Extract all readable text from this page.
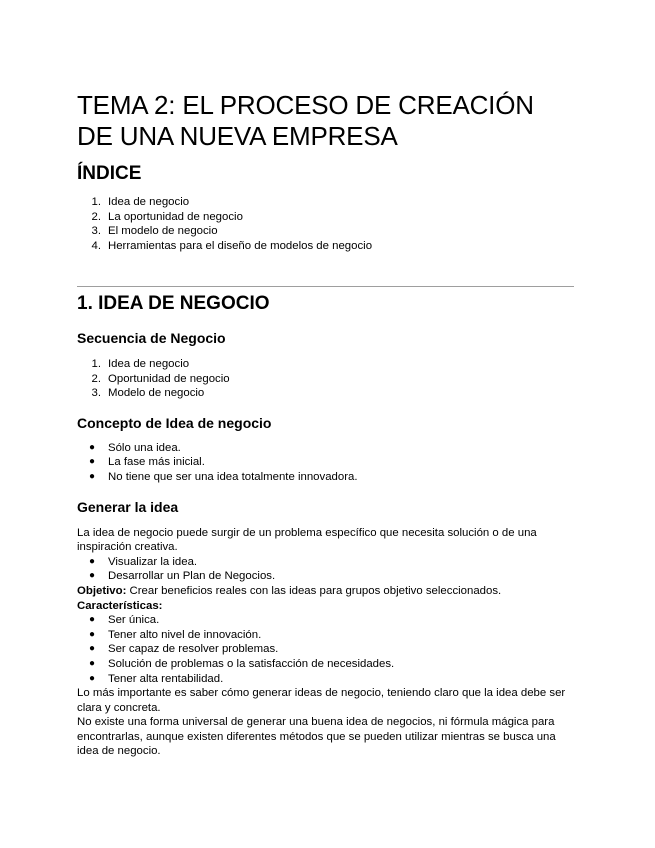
TEMA 2: EL PROCESO DE CREACIÓN
DE UNA NUEVA EMPRESA
ÍNDICE
1. Idea de negocio
2. La oportunidad de negocio
3. El modelo de negocio
4. Herramientas para el diseño de modelos de negocio
1. IDEA DE NEGOCIO
Secuencia de Negocio
1. Idea de negocio
2. Oportunidad de negocio
3. Modelo de negocio
Concepto de Idea de negocio
● Sólo una idea.
● La fase más inicial.
● No tiene que ser una idea totalmente innovadora.
Generar la idea

La idea de negocio puede surgir de un problema específico que necesita solución o de una inspiración creativa.

● Visualizar la idea.
● Desarrollar un Plan de Negocios.

Objetivo: Crear beneficios reales con las ideas para grupos objetivo seleccionados.

Características:

● Ser única.
● Tener alto nivel de innovación.
● Ser capaz de resolver problemas.
● Solución de problemas o la satisfacción de necesidades.
● Tener alta rentabilidad.

Lo más importante es saber cómo generar ideas de negocio, teniendo claro que la idea debe ser clara y concreta.

No existe una forma universal de generar una buena idea de negocios, ni fórmula mágica para encontrarlas, aunque existen diferentes métodos que se pueden utilizar mientras se busca una idea de negocio.
